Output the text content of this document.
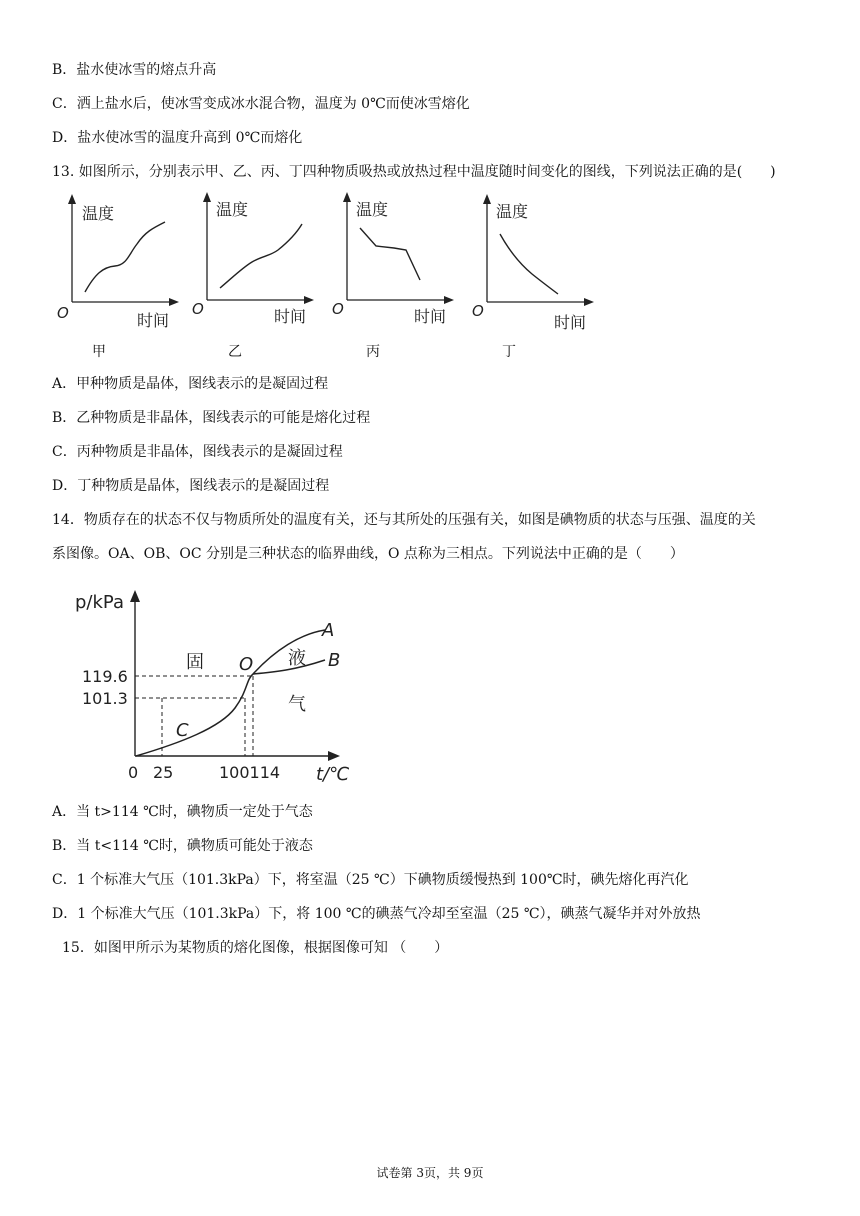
B．盐水使冰雪的熔点升高
C．洒上盐水后，使冰雪变成冰水混合物，温度为 0℃而使冰雪熔化
D．盐水使冰雪的温度升高到 0℃而熔化
13. 如图所示，分别表示甲、乙、丙、丁四种物质吸热或放热过程中温度随时间变化的图线，下列说法正确的是(　　)
温度
O	时间
甲
温度
O	时间
乙
温度
O	时间
丙
温度
O
时间
丁
A．甲种物质是晶体，图线表示的是凝固过程
B．乙种物质是非晶体，图线表示的可能是熔化过程
C．丙种物质是非晶体，图线表示的是凝固过程
D．丁种物质是晶体，图线表示的是凝固过程
14．物质存在的状态不仅与物质所处的温度有关，还与其所处的压强有关，如图是碘物质的状态与压强、温度的关
系图像。OA、OB、OC 分别是三种状态的临界曲线，O 点称为三相点。下列说法中正确的是（　　）
p/kPa
119.6
101.3
0 25	100114 t/℃
固	液
气
O
A
B
C
A．当 t>114 ℃时，碘物质一定处于气态
B．当 t<114 ℃时，碘物质可能处于液态
C．1 个标准大气压（101.3kPa）下，将室温（25 ℃）下碘物质缓慢热到 100℃时，碘先熔化再汽化
D．1 个标准大气压（101.3kPa）下，将 100 ℃的碘蒸气冷却至室温（25 ℃），碘蒸气凝华并对外放热
15．如图甲所示为某物质的熔化图像，根据图像可知 （　　）
试卷第 3页，共 9页
